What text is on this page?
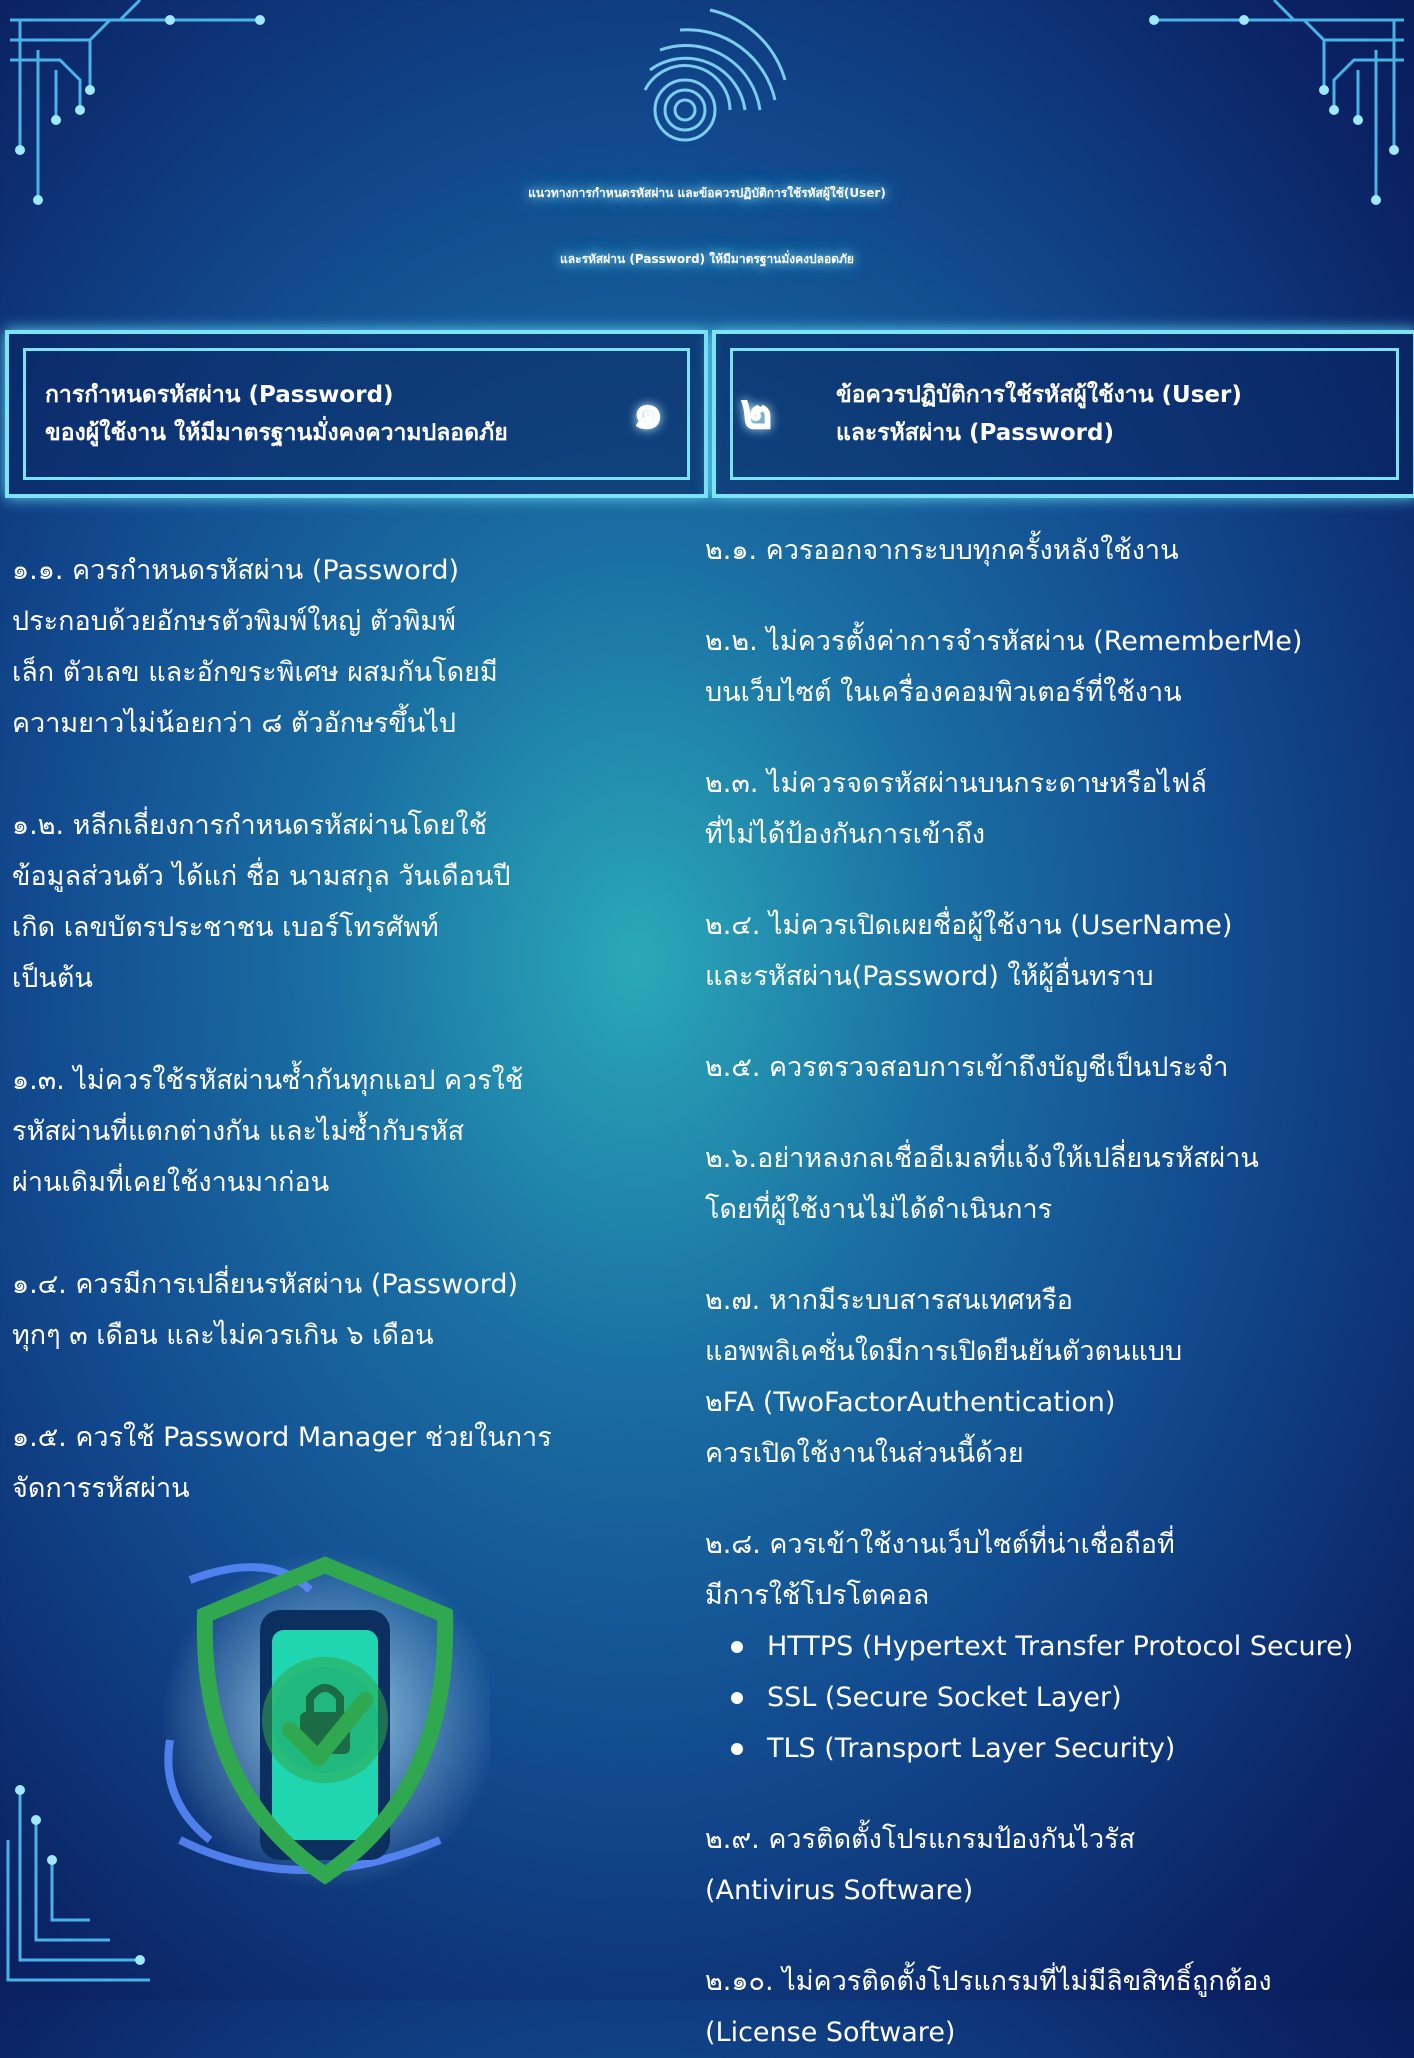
แนวทางการกำหนดรหัสผ่าน และข้อควรปฏิบัติการใช้รหัสผู้ใช้(User)
และรหัสผ่าน (Password) ให้มีมาตรฐานมั่งคงปลอดภัย
การกำหนดรหัสผ่าน (Password)
ของผู้ใช้งาน ให้มีมาตรฐานมั่งคงความปลอดภัย ๑ ๒	ข้อควรปฏิบัติการใช้รหัสผู้ใช้งาน (User)
และรหัสผ่าน (Password)
๑.๑. ควรกำหนดรหัสผ่าน (Password)
ประกอบด้วยอักษรตัวพิมพ์ใหญ่ ตัวพิมพ์
เล็ก ตัวเลข และอักขระพิเศษ ผสมกันโดยมี
ความยาวไม่น้อยกว่า ๘ ตัวอักษรขึ้นไป
๑.๒. หลีกเลี่ยงการกำหนดรหัสผ่านโดยใช้
ข้อมูลส่วนตัว ได้แก่ ชื่อ นามสกุล วันเดือนปี
เกิด เลขบัตรประชาชน เบอร์โทรศัพท์
เป็นต้น
๑.๓. ไม่ควรใช้รหัสผ่านซ้ำกันทุกแอป ควรใช้
รหัสผ่านที่แตกต่างกัน และไม่ซ้ำกับรหัส
ผ่านเดิมที่เคยใช้งานมาก่อน
๑.๔. ควรมีการเปลี่ยนรหัสผ่าน (Password)
ทุกๆ ๓ เดือน และไม่ควรเกิน ๖ เดือน
๑.๕. ควรใช้ Password Manager ช่วยในการ
จัดการรหัสผ่าน
๒.๑. ควรออกจากระบบทุกครั้งหลังใช้งาน
๒.๒. ไม่ควรตั้งค่าการจำรหัสผ่าน (RememberMe)
บนเว็บไซต์ ในเครื่องคอมพิวเตอร์ที่ใช้งาน
๒.๓. ไม่ควรจดรหัสผ่านบนกระดาษหรือไฟล์
ที่ไม่ได้ป้องกันการเข้าถึง
๒.๔. ไม่ควรเปิดเผยชื่อผู้ใช้งาน (UserName)
และรหัสผ่าน(Password) ให้ผู้อื่นทราบ
๒.๕. ควรตรวจสอบการเข้าถึงบัญชีเป็นประจำ
๒.๖.อย่าหลงกลเชื่ออีเมลที่แจ้งให้เปลี่ยนรหัสผ่าน
โดยที่ผู้ใช้งานไม่ได้ดำเนินการ
๒.๗. หากมีระบบสารสนเทศหรือ
แอพพลิเคชั่นใดมีการเปิดยืนยันตัวตนแบบ
๒FA (TwoFactorAuthentication)
ควรเปิดใช้งานในส่วนนี้ด้วย
๒.๘. ควรเข้าใช้งานเว็บไซต์ที่น่าเชื่อถือที่
มีการใช้โปรโตคอล
HTTPS (Hypertext Transfer Protocol Secure)
SSL (Secure Socket Layer)
TLS (Transport Layer Security)
๒.๙. ควรติดตั้งโปรแกรมป้องกันไวรัส
(Antivirus Software)
๒.๑๐. ไม่ควรติดตั้งโปรแกรมที่ไม่มีลิขสิทธิ์ถูกต้อง
(License Software)
